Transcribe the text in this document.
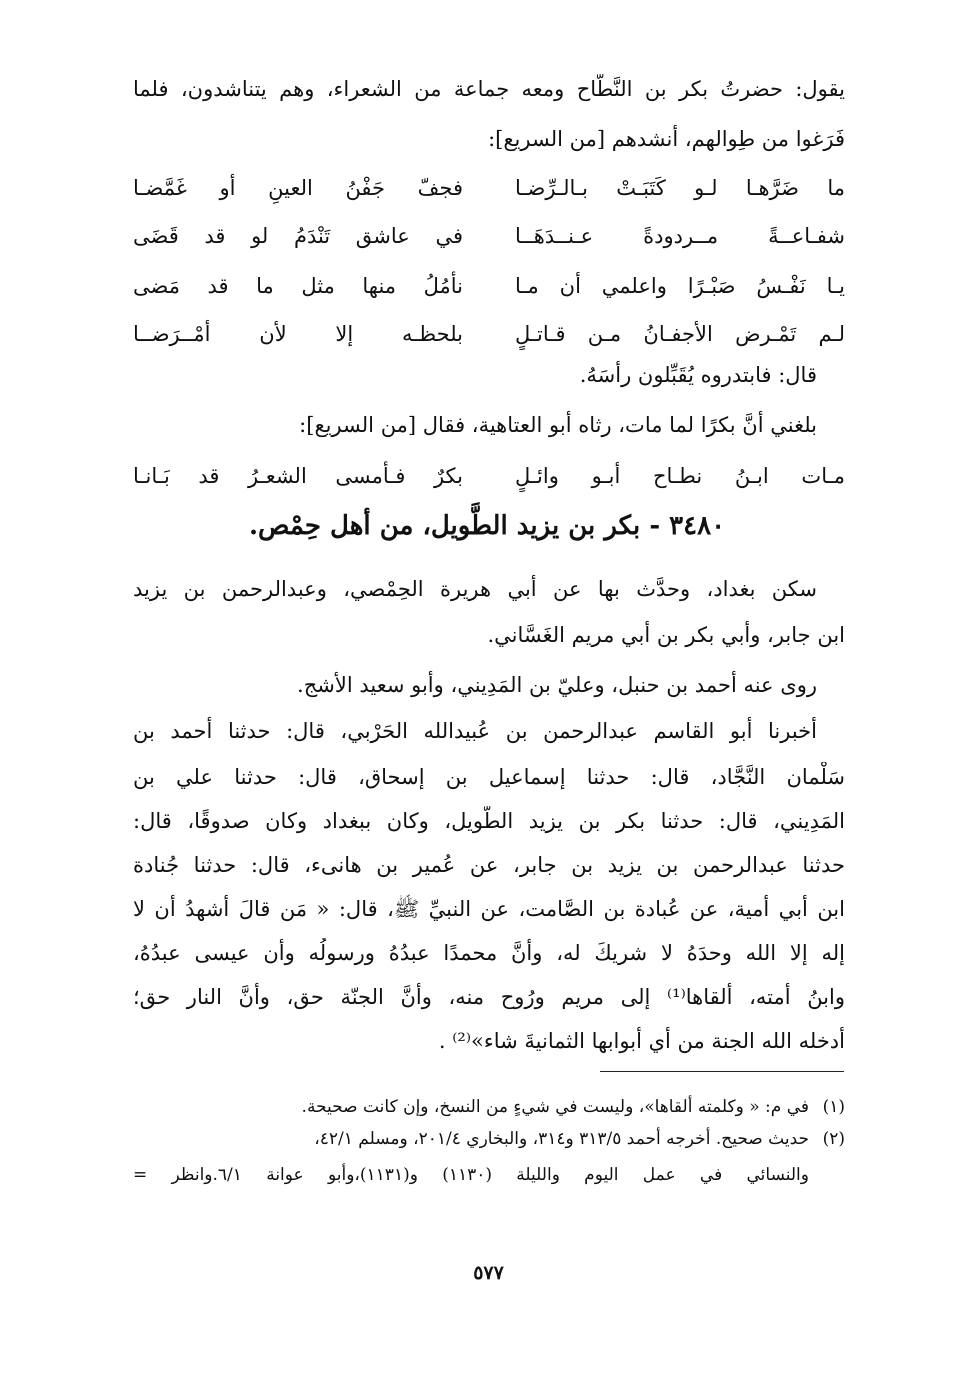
يقول: حضرتُ بكر بن النَّطَّاح ومعه جماعة من الشعراء، وهم يتناشدون، فلما
فَرَغوا من طِوالهم، أنشدهم [من السريع]:
ما ضَرَّهـا لـو كَتَبَـتْ بـالـرِّضـا
فجفّ جَفْنُ العينِ أو غَمَّضـا
شفـاعــةً مــردودةً عـنــدَهَــا
في عاشق تَنْدَمُ لو قد قَضَى
يـا نَفْـسُ صَبْـرًا واعلمي أن مـا
نأمُلُ منها مثل ما قد مَضى
لـم تَمْـرض الأجفـانُ مـن قـاتـلٍ
بلحظـه إلا لأن أمْــرَضــا
قال: فابتدروه يُقَبِّلون رأسَهُ.
بلغني أنَّ بكرًا لما مات، رثاه أبو العتاهية، فقال [من السريع]:
مـات ابـنُ نطـاح أبـو وائـلٍ
بكرٌ فـأمسى الشعـرُ قد بَـانـا
٣٤٨٠ - بكر بن يزيد الطَّويل، من أهل حِمْص.
سكن بغداد، وحدَّث بها عن أبي هريرة الحِمْصي، وعبدالرحمن بن يزيد
ابن جابر، وأبي بكر بن أبي مريم الغَسَّاني.
روى عنه أحمد بن حنبل، وعليّ بن المَدِيني، وأبو سعيد الأشج.
أخبرنا أبو القاسم عبدالرحمن بن عُبيدالله الحَرْبي، قال: حدثنا أحمد بن
سَلْمان النَّجَّاد، قال: حدثنا إسماعيل بن إسحاق، قال: حدثنا علي بن
المَدِيني، قال: حدثنا بكر بن يزيد الطَّويل، وكان ببغداد وكان صدوقًا، قال:
حدثنا عبدالرحمن بن يزيد بن جابر، عن عُمير بن هانىء، قال: حدثنا جُنادة
ابن أبي أمية، عن عُبادة بن الصَّامت، عن النبيِّ ﷺ، قال: « مَن قالَ أشهدُ أن لا
إله إلا الله وحدَهُ لا شريكَ له، وأنَّ محمدًا عبدُهُ ورسولُه وأن عيسى عبدُهُ،
وابنُ أمته، ألقاها⁽¹⁾ إلى مريم ورُوح منه، وأنَّ الجنّة حق، وأنَّ النار حق؛
أدخله الله الجنة من أي أبوابها الثمانيةَ شاء»⁽²⁾ .
(١)في م: « وكلمته ألقاها»، وليست في شيءٍ من النسخ، وإن كانت صحيحة.
(٢)حديث صحيح. أخرجه أحمد ٣١٣/٥ و٣١٤، والبخاري ٢٠١/٤، ومسلم ٤٢/١،
والنسائي في عمل اليوم والليلة (١١٣٠) و(١١٣١)،وأبو عوانة ٦/١.وانظر =
٥٧٧
